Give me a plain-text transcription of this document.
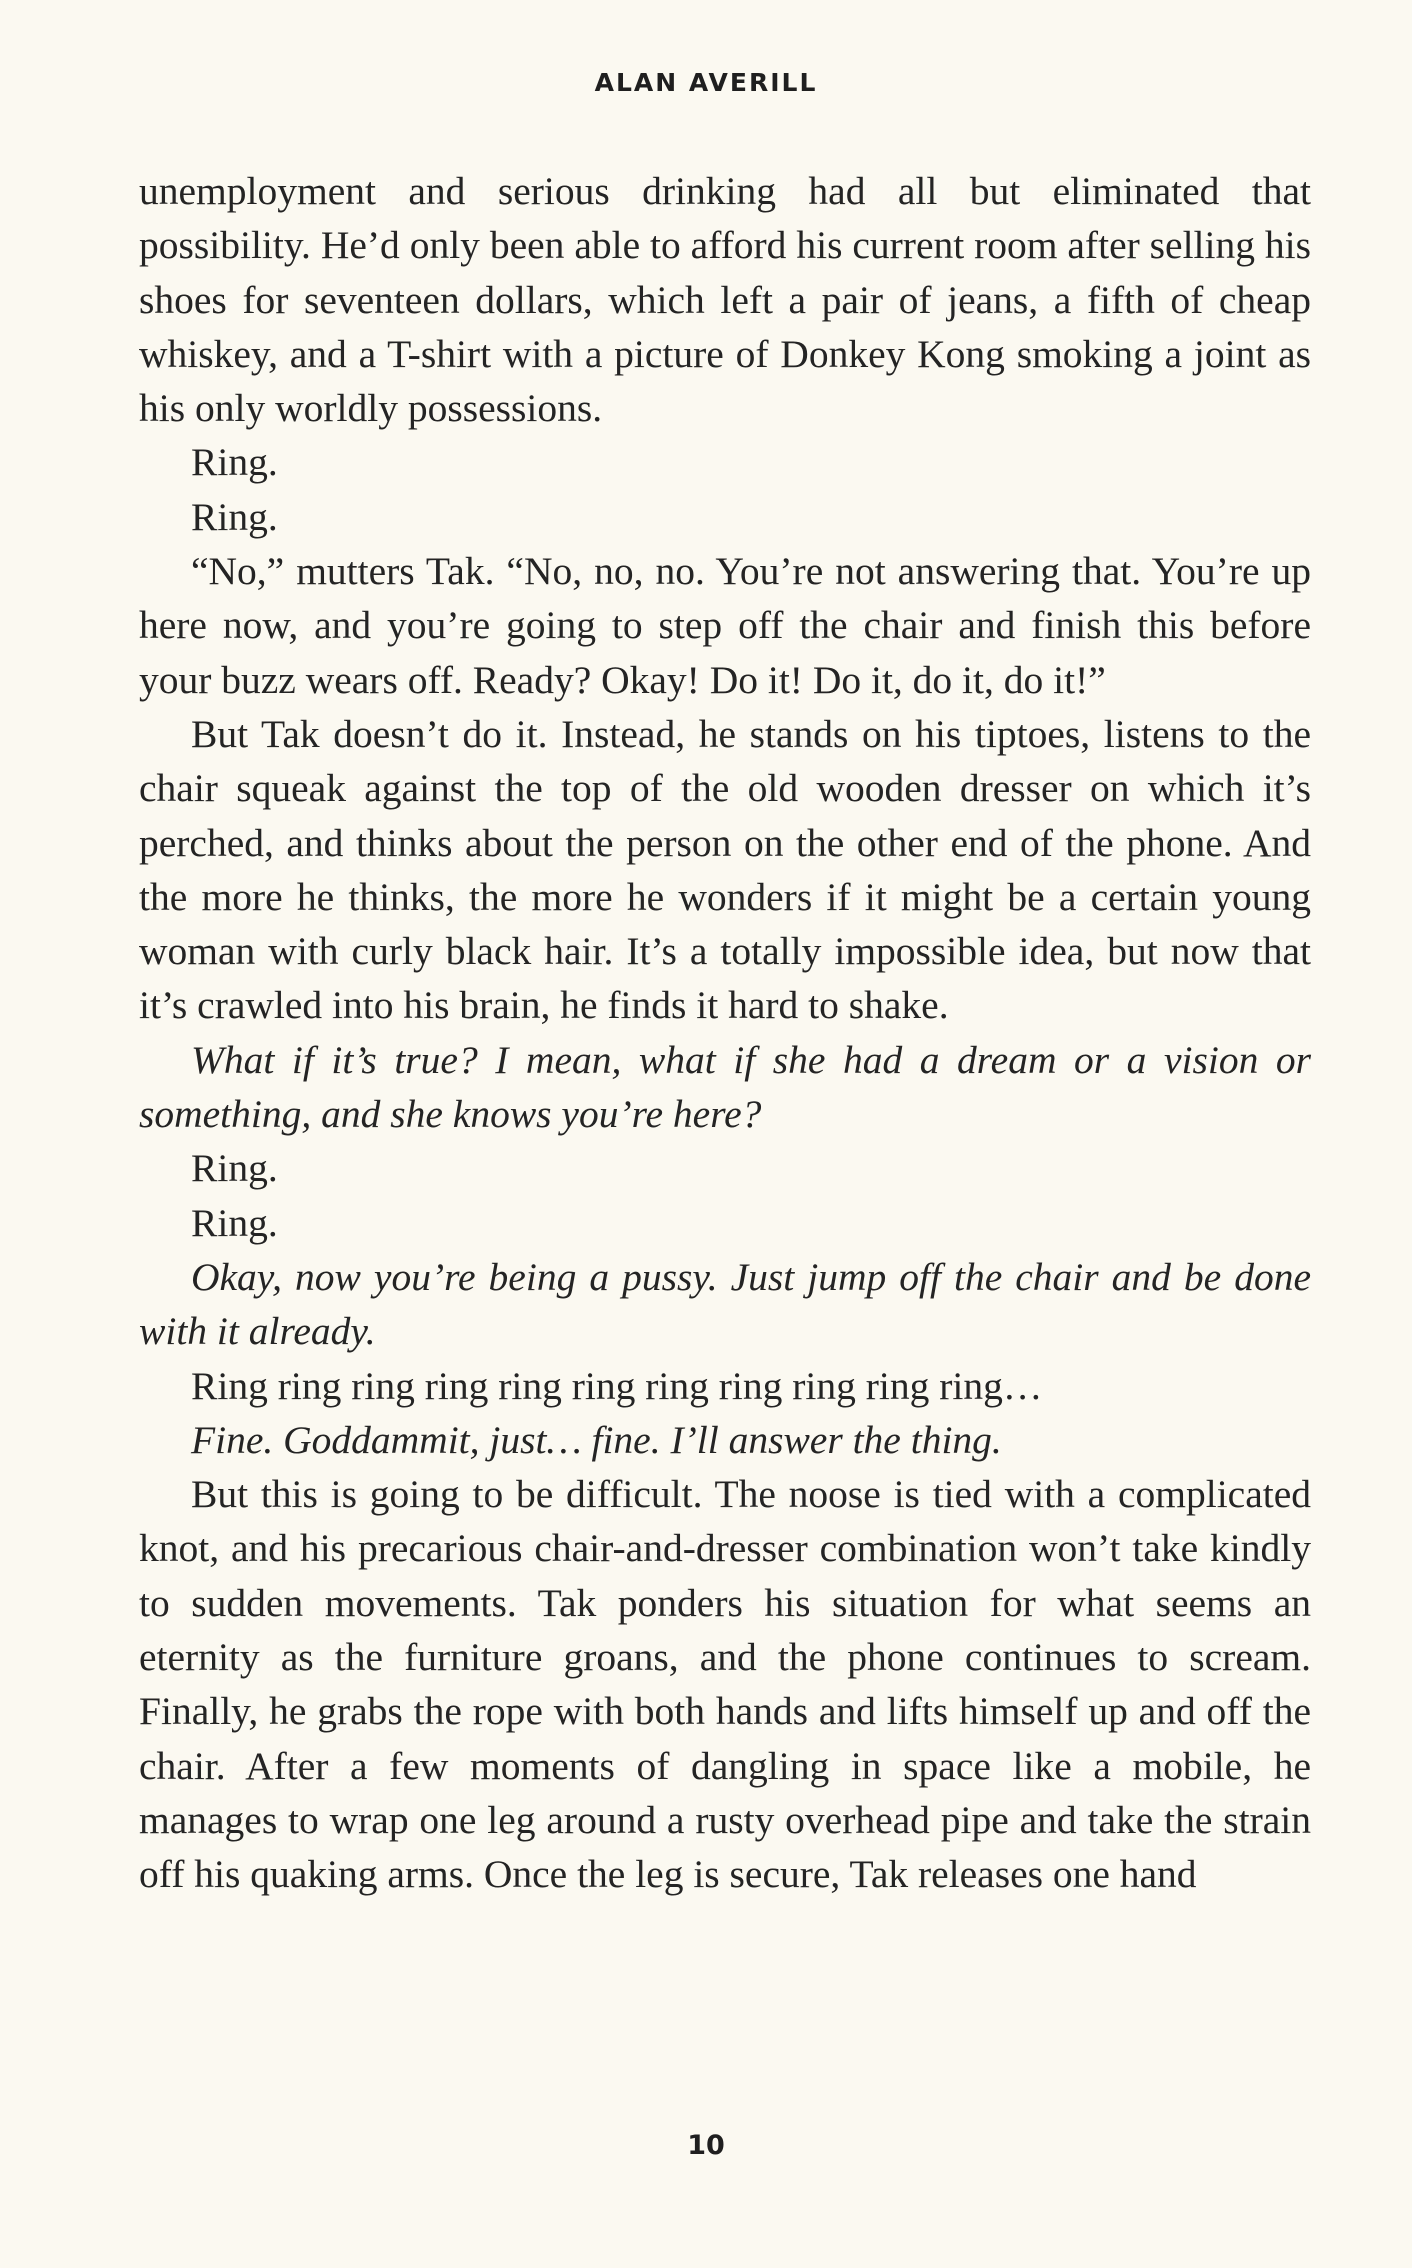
ALAN AVERILL

unemployment and serious drinking had all but eliminated that possibility. He’d only been able to afford his current room after selling his shoes for seventeen dollars, which left a pair of jeans, a fifth of cheap whiskey, and a T-shirt with a picture of Donkey Kong smoking a joint as his only worldly possessions.

Ring.

Ring.

“No,” mutters Tak. “No, no, no. You’re not answering that. You’re up here now, and you’re going to step off the chair and finish this before your buzz wears off. Ready? Okay! Do it! Do it, do it, do it!”

But Tak doesn’t do it. Instead, he stands on his tiptoes, listens to the chair squeak against the top of the old wooden dresser on which it’s perched, and thinks about the person on the other end of the phone. And the more he thinks, the more he wonders if it might be a certain young woman with curly black hair. It’s a totally impossible idea, but now that it’s crawled into his brain, he finds it hard to shake.

What if it’s true? I mean, what if she had a dream or a vision or something, and she knows you’re here?

Ring.

Ring.

Okay, now you’re being a pussy. Just jump off the chair and be done with it already.

Ring ring ring ring ring ring ring ring ring ring ring…

Fine. Goddammit, just… fine. I’ll answer the thing.

But this is going to be difficult. The noose is tied with a complicated knot, and his precarious chair-and-dresser combination won’t take kindly to sudden movements. Tak ponders his situation for what seems an eternity as the furniture groans, and the phone continues to scream. Finally, he grabs the rope with both hands and lifts himself up and off the chair. After a few moments of dangling in space like a mobile, he manages to wrap one leg around a rusty overhead pipe and take the strain off his quaking arms. Once the leg is secure, Tak releases one hand

10
